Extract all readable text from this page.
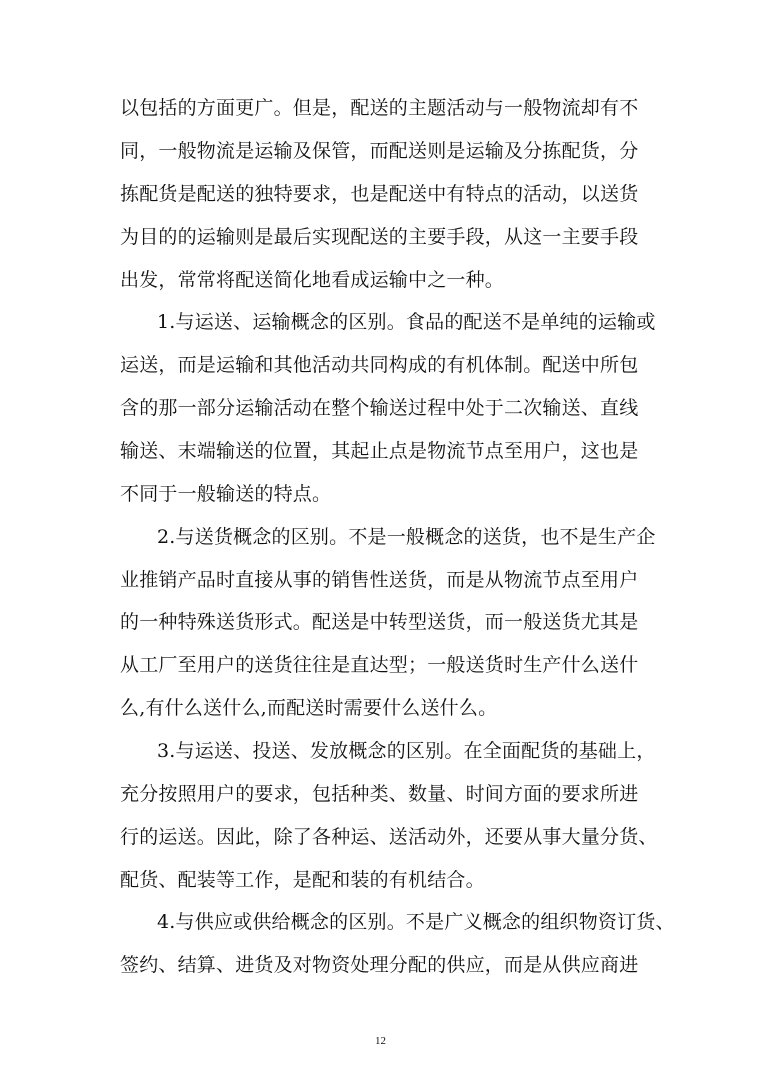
以包括的方面更广。但是，配送的主题活动与一般物流却有不
同，一般物流是运输及保管，而配送则是运输及分拣配货，分
拣配货是配送的独特要求，也是配送中有特点的活动，以送货
为目的的运输则是最后实现配送的主要手段，从这一主要手段
出发，常常将配送简化地看成运输中之一种。
1.与运送、运输概念的区别。食品的配送不是单纯的运输或
运送，而是运输和其他活动共同构成的有机体制。配送中所包
含的那一部分运输活动在整个输送过程中处于二次输送、直线
输送、末端输送的位置，其起止点是物流节点至用户，这也是
不同于一般输送的特点。
2.与送货概念的区别。不是一般概念的送货，也不是生产企
业推销产品时直接从事的销售性送货，而是从物流节点至用户
的一种特殊送货形式。配送是中转型送货，而一般送货尤其是
从工厂至用户的送货往往是直达型；一般送货时生产什么送什
么,有什么送什么,而配送时需要什么送什么。
3.与运送、投送、发放概念的区别。在全面配货的基础上，
充分按照用户的要求，包括种类、数量、时间方面的要求所进
行的运送。因此，除了各种运、送活动外，还要从事大量分货、
配货、配装等工作，是配和装的有机结合。
4.与供应或供给概念的区别。不是广义概念的组织物资订货、
签约、结算、进货及对物资处理分配的供应，而是从供应商进
12
